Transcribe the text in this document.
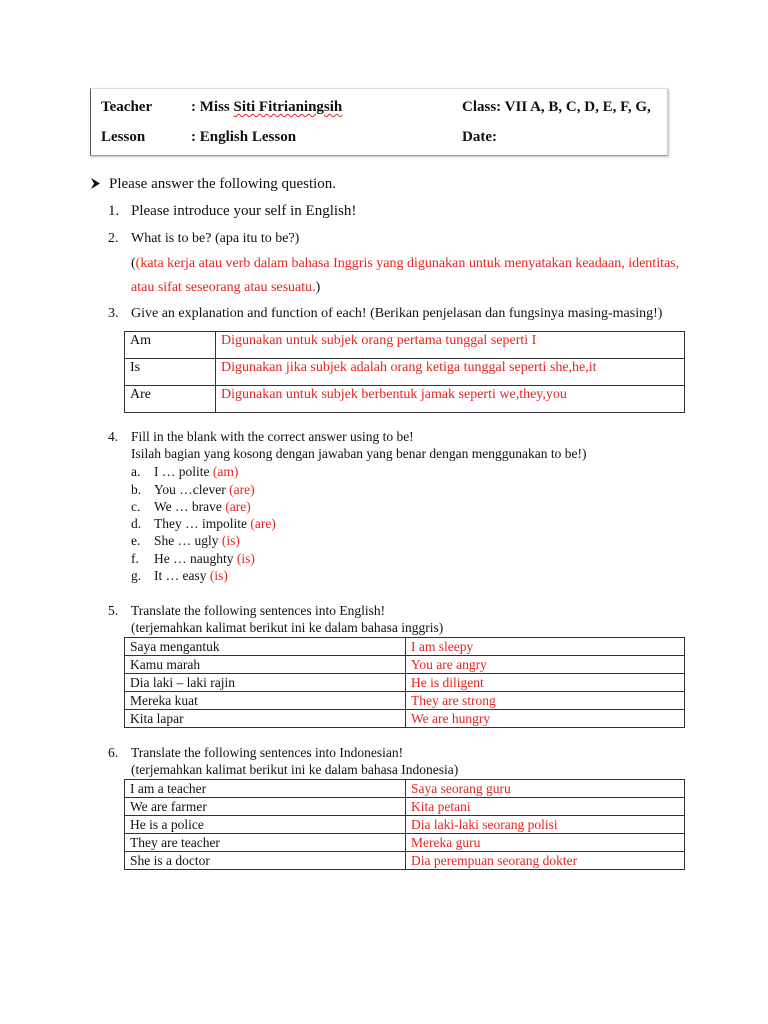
Teacher	: Miss Siti Fitrianingsih	Class: VII A, B, C, D, E, F, G,
Lesson	: English Lesson	Date:
Please answer the following question.
1. Please introduce your self in English!
2. What is to be? (apa itu to be?)
((kata kerja atau verb dalam bahasa Inggris yang digunakan untuk menyatakan keadaan, identitas,
atau sifat seseorang atau sesuatu.)
3. Give an explanation and function of each! (Berikan penjelasan dan fungsinya masing-masing!)
Am	Digunakan untuk subjek orang pertama tunggal seperti I
Is	Digunakan jika subjek adalah orang ketiga tunggal seperti she,he,it
Are	Digunakan untuk subjek berbentuk jamak seperti we,they,you
4. Fill in the blank with the correct answer using to be!
Isilah bagian yang kosong dengan jawaban yang benar dengan menggunakan to be!)
a. I … polite (am)
b. You …clever (are)
c. We … brave (are)
d. They … impolite (are)
e. She … ugly (is)
f. He … naughty (is)
g. It … easy (is)
5. Translate the following sentences into English!
(terjemahkan kalimat berikut ini ke dalam bahasa inggris)
Saya mengantuk	I am sleepy
Kamu marah	You are angry
Dia laki – laki rajin	He is diligent
Mereka kuat	They are strong
Kita lapar	We are hungry
6. Translate the following sentences into Indonesian!
(terjemahkan kalimat berikut ini ke dalam bahasa Indonesia)
I am a teacher	Saya seorang guru
We are farmer	Kita petani
He is a police	Dia laki-laki seorang polisi
They are teacher	Mereka guru
She is a doctor	Dia perempuan seorang dokter
